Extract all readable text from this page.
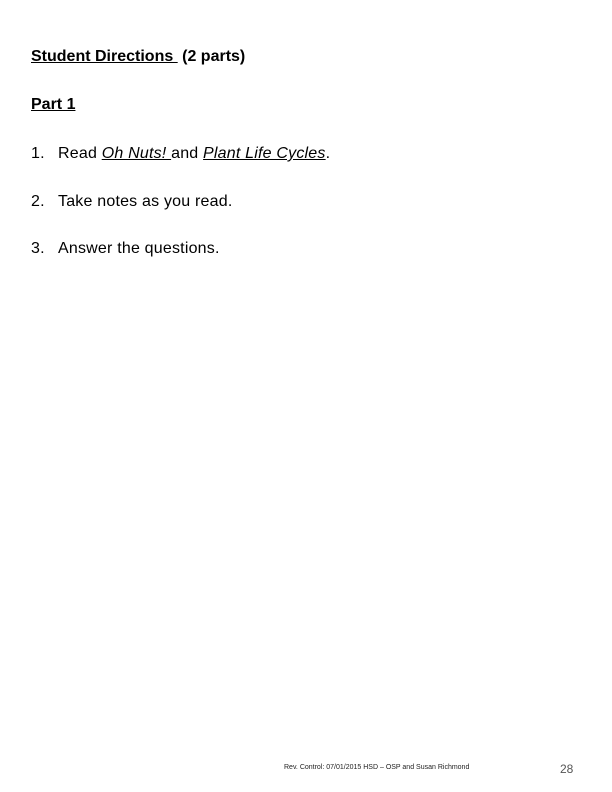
Student Directions  (2 parts)
Part 1
1. Read Oh Nuts! and Plant Life Cycles.
2. Take notes as you read.
3. Answer the questions.
Rev. Control: 07/01/2015 HSD – OSP and Susan Richmond	28
